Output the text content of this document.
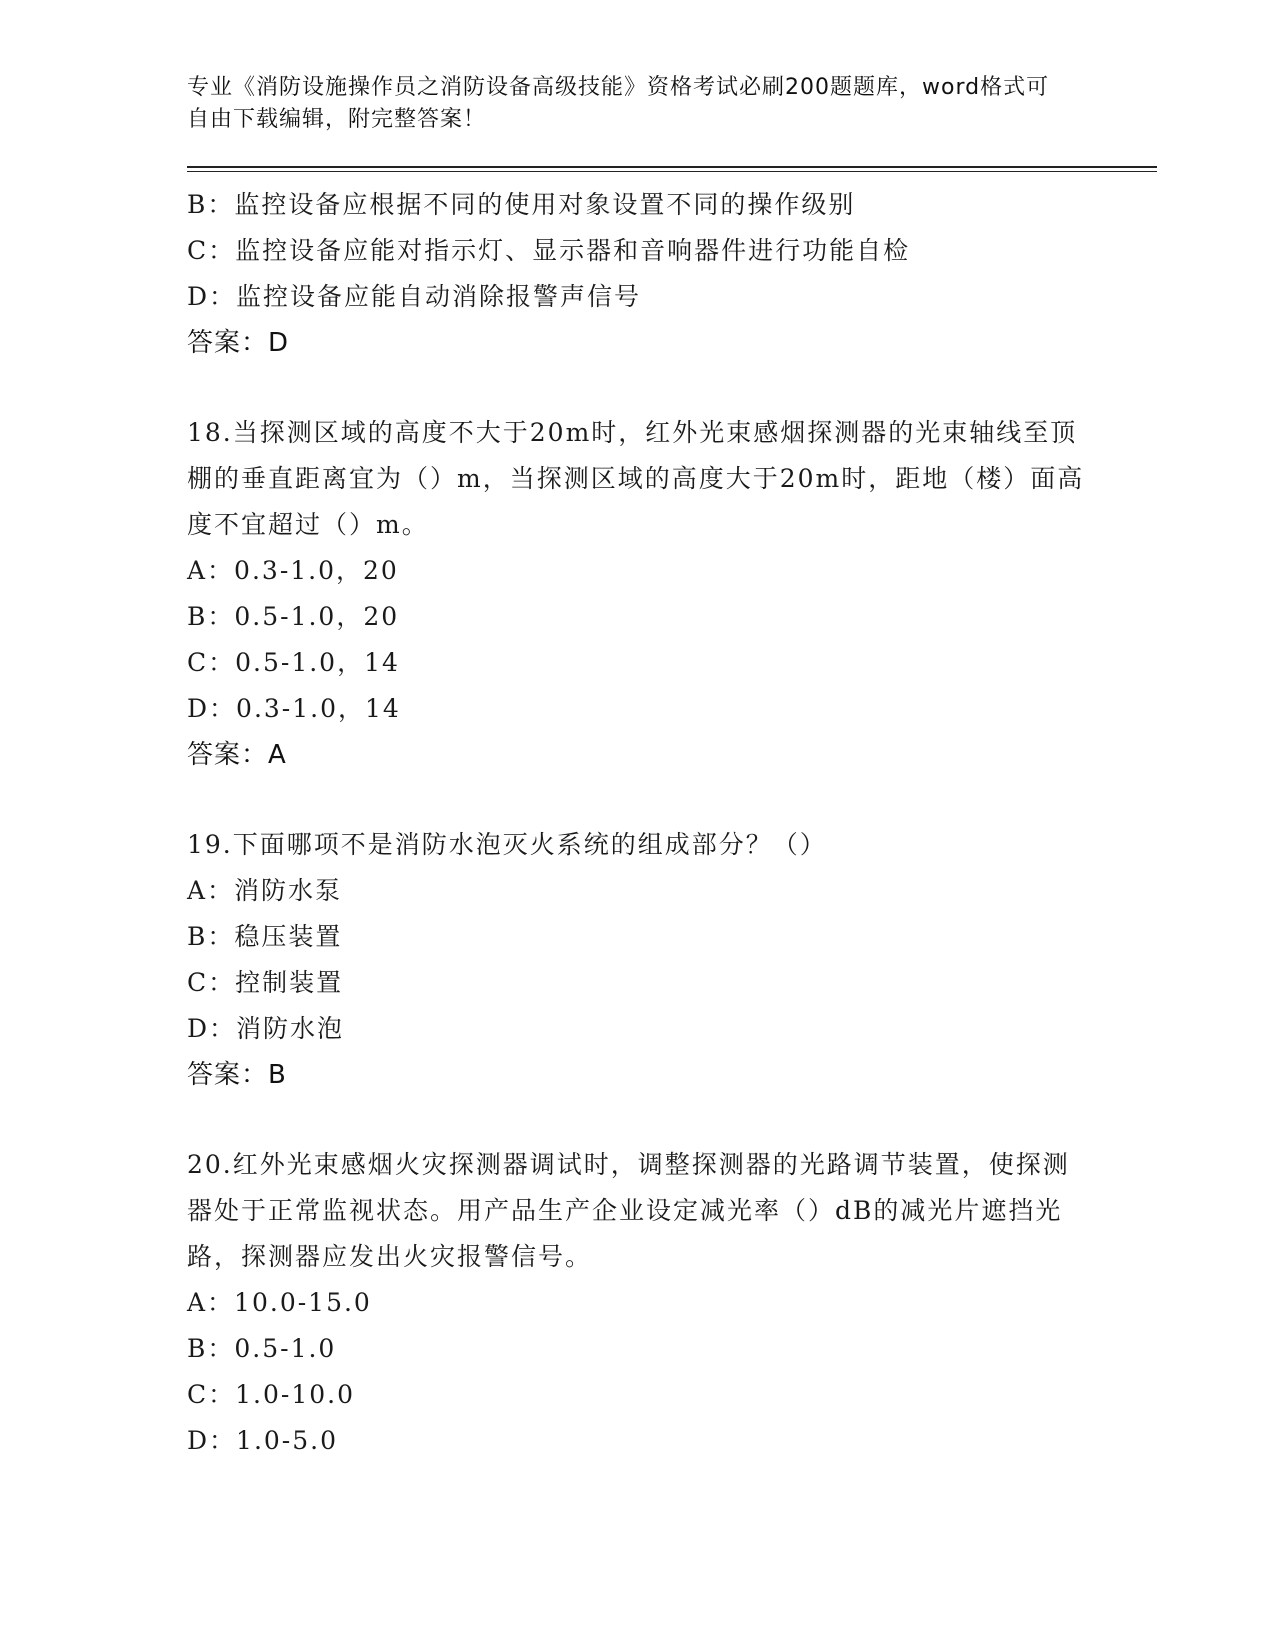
专业《消防设施操作员之消防设备高级技能》资格考试必刷200题题库，word格式可自由下载编辑，附完整答案！
B：监控设备应根据不同的使用对象设置不同的操作级别
C：监控设备应能对指示灯、显示器和音响器件进行功能自检
D：监控设备应能自动消除报警声信号
答案：D
18.当探测区域的高度不大于20m时，红外光束感烟探测器的光束轴线至顶棚的垂直距离宜为（）m，当探测区域的高度大于20m时，距地（楼）面高度不宜超过（）m。
A：0.3-1.0，20
B：0.5-1.0，20
C：0.5-1.0，14
D：0.3-1.0，14
答案：A
19.下面哪项不是消防水泡灭火系统的组成部分？（）
A：消防水泵
B：稳压装置
C：控制装置
D：消防水泡
答案：B
20.红外光束感烟火灾探测器调试时，调整探测器的光路调节装置，使探测器处于正常监视状态。用产品生产企业设定减光率（）dB的减光片遮挡光路，探测器应发出火灾报警信号。
A：10.0-15.0
B：0.5-1.0
C：1.0-10.0
D：1.0-5.0
